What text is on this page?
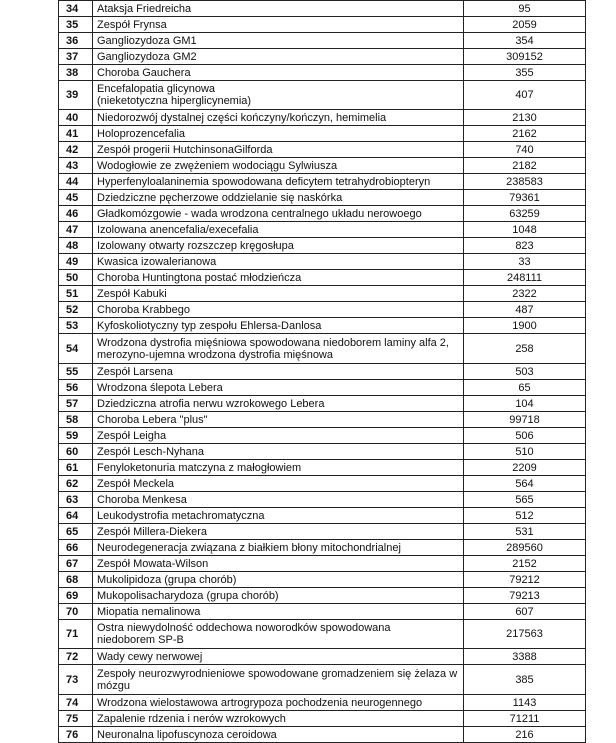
34	Ataksja Friedreicha	95
35	Zespół Frynsa	2059
36	Gangliozydoza GM1	354
37	Gangliozydoza GM2	309152
38	Choroba Gauchera	355
39	Encefalopatia glicynowa
(nieketotyczna hiperglicynemia)	407
40	Niedorozwój dystalnej części kończyny/kończyn, hemimelia	2130
41	Holoprozencefalia	2162
42	Zespół progerii HutchinsonaGilforda	740
43	Wodogłowie ze zwężeniem wodociągu Sylwiusza	2182
44	Hyperfenyloalaninemia spowodowana deficytem tetrahydrobiopteryn	238583
45	Dziedziczne pęcherzowe oddzielanie się naskórka	79361
46	Gładkomózgowie - wada wrodzona centralnego układu nerowoego	63259
47	Izolowana anencefalia/execefalia	1048
48	Izolowany otwarty rozszczep kręgosłupa	823
49	Kwasica izowalerianowa	33
50	Choroba Huntingtona postać młodzieńcza	248111
51	Zespół Kabuki	2322
52	Choroba Krabbego	487
53	Kyfoskoliotyczny typ zespołu Ehlersa-Danlosa	1900
54	Wrodzona dystrofia mięśniowa spowodowana niedoborem laminy alfa 2,
merozyno-ujemna wrodzona dystrofia mięśnowa	258
55	Zespół Larsena	503
56	Wrodzona ślepota Lebera	65
57	Dziedziczna atrofia nerwu wzrokowego Lebera	104
58	Choroba Lebera "plus"	99718
59	Zespół Leigha	506
60	Zespół Lesch-Nyhana	510
61	Fenyloketonuria matczyna z małogłowiem	2209
62	Zespół Meckela	564
63	Choroba Menkesa	565
64	Leukodystrofia metachromatyczna	512
65	Zespół Millera-Diekera	531
66	Neurodegeneracja związana z białkiem błony mitochondrialnej	289560
67	Zespół Mowata-Wilson	2152
68	Mukolipidoza (grupa chorób)	79212
69	Mukopolisacharydoza (grupa chorób)	79213
70	Miopatia nemalinowa	607
71	Ostra niewydolność oddechowa noworodków spowodowana
niedoborem SP-B	217563
72	Wady cewy nerwowej	3388
73	Zespoły neurozwyrodnieniowe spowodowane gromadzeniem się żelaza w
mózgu	385
74	Wrodzona wielostawowa artrogrypoza pochodzenia neurogennego	1143
75	Zapalenie rdzenia i nerów wzrokowych	71211
76	Neuronalna lipofuscynoza ceroidowa	216
